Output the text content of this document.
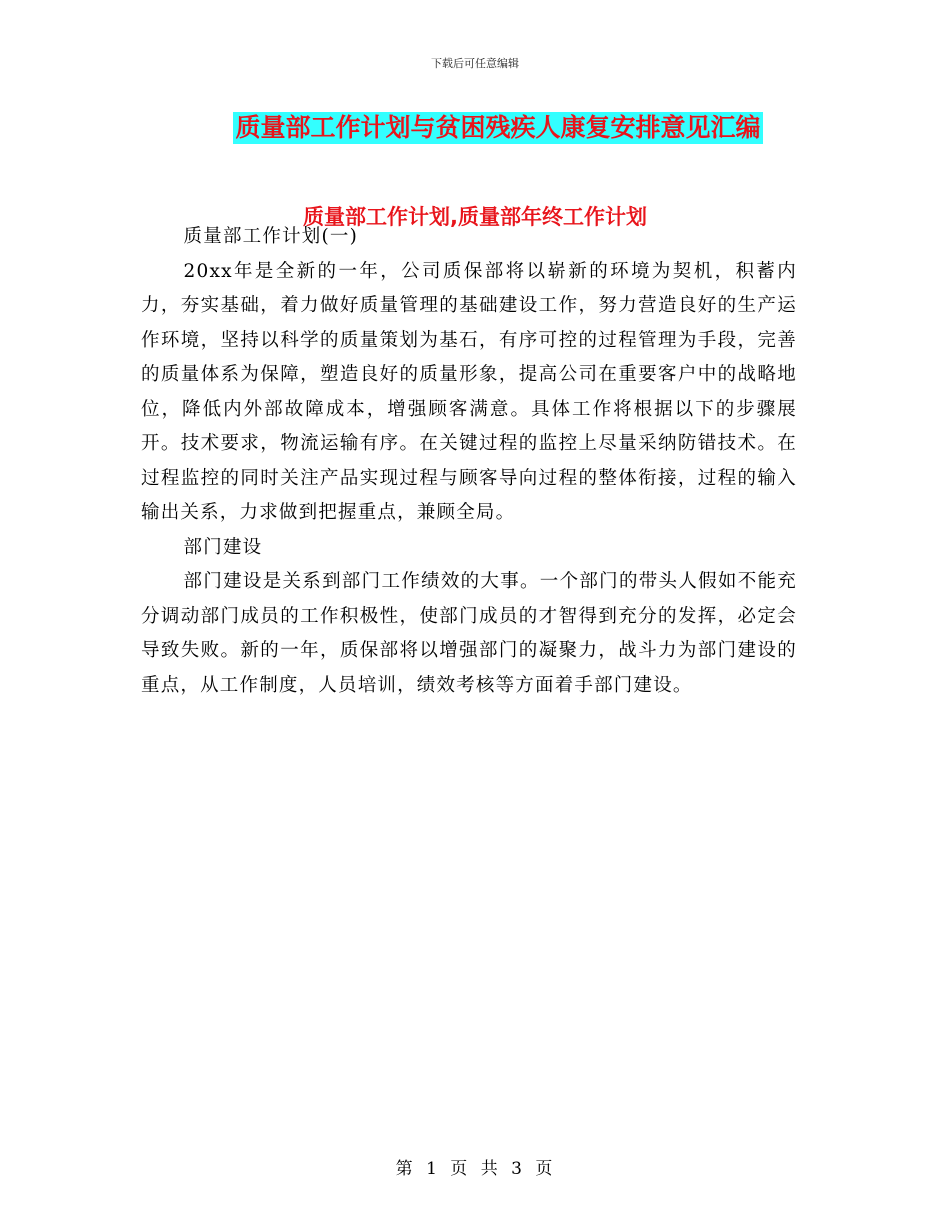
下载后可任意编辑
质量部工作计划与贫困残疾人康复安排意见汇编
质量部工作计划,质量部年终工作计划

质量部工作计划(一)

20xx年是全新的一年，公司质保部将以崭新的环境为契机，积蓄内力，夯实基础，着力做好质量管理的基础建设工作，努力营造良好的生产运作环境，坚持以科学的质量策划为基石，有序可控的过程管理为手段，完善的质量体系为保障，塑造良好的质量形象，提高公司在重要客户中的战略地位，降低内外部故障成本，增强顾客满意。具体工作将根据以下的步骤展开。技术要求，物流运输有序。在关键过程的监控上尽量采纳防错技术。在过程监控的同时关注产品实现过程与顾客导向过程的整体衔接，过程的输入输出关系，力求做到把握重点，兼顾全局。

部门建设

部门建设是关系到部门工作绩效的大事。一个部门的带头人假如不能充分调动部门成员的工作积极性，使部门成员的才智得到充分的发挥，必定会导致失败。新的一年，质保部将以增强部门的凝聚力，战斗力为部门建设的重点，从工作制度，人员培训，绩效考核等方面着手部门建设。

第 1 页 共 3 页
